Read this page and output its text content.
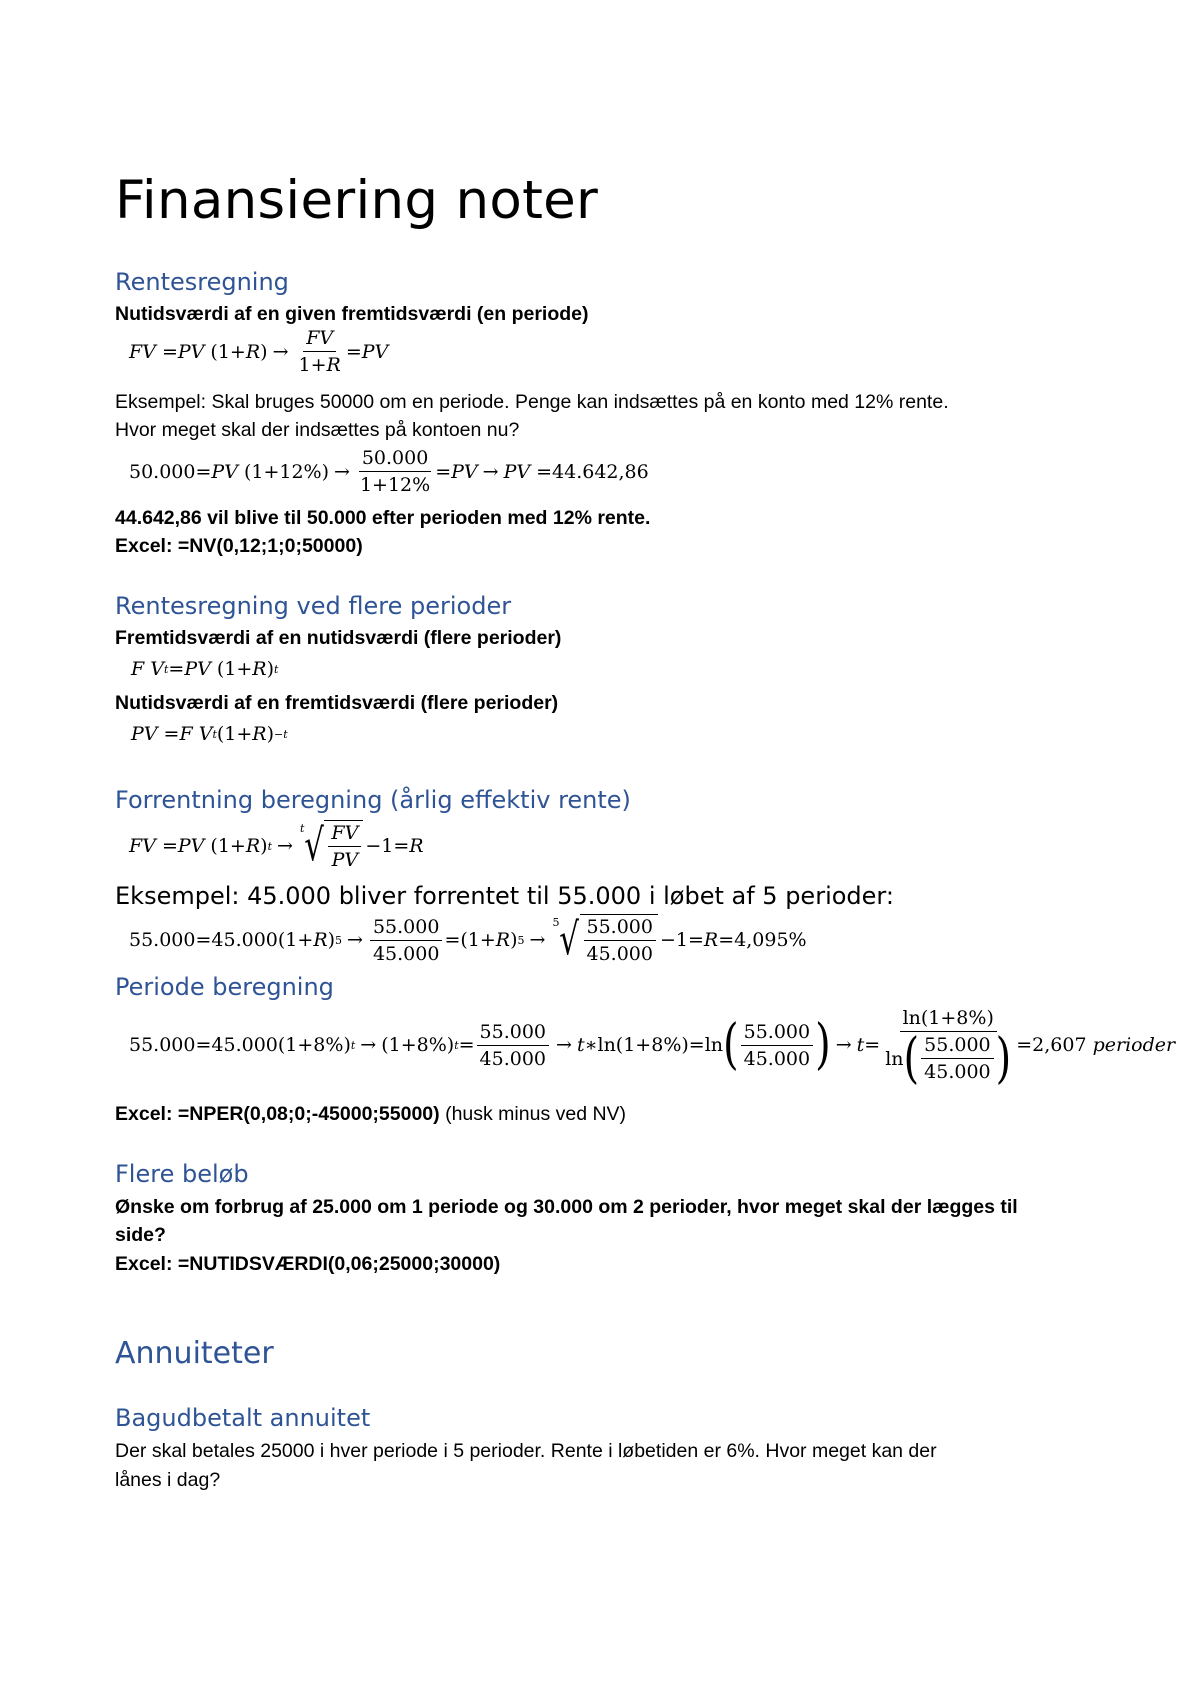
Finansiering noter
Rentesregning

Nutidsværdi af en given fremtidsværdi (en periode)

FV = PV (1+ R ) → $\frac{FV}{1+R}$ = PV

Eksempel: Skal bruges 50000 om en periode. Penge kan indsættes på en konto med 12% rente.

Hvor meget skal der indsættes på kontoen nu?

50.000= PV $(1+12\%) \to \frac{50.000}{1+12\%}$ = PV → PV =44.642,86

44.642,86 vil blive til 50.000 efter perioden med 12% rente.

Excel: =NV(0,12;1;0;50000)

Rentesregning ved flere perioder

Fremtidsværdi af en nutidsværdi (flere perioder)

F
V t = PV (1+ R ) t

Nutidsværdi af en fremtidsværdi (flere perioder)

PV = F
V t (1+ R ) −t
Forrentning beregning (årlig effektiv rente)
FV = PV (1+ R ) t →
t √ $\frac{FV}{PV} -1= R$

Eksempel: 45.000 bliver forrentet til 55.000 i løbet af 5 perioder:

55.000=45.000(1+ R ) $5 \to \frac{55.000}{45.000} =(1+ R$ ) 5 →
5 √ $\frac{55.000}{45.000} -1= R =4,095\%$
Periode beregning
55.000=45.000(1+8%) t → (1+8%) $t = \frac{55.000}{45.000} \to t$ ∗ln(1+8%)=ln ( $\frac{55.000}{45.000}$ ) → $t = \frac{\ln(1+8\%)}{\ln ( \frac{55.000}{45.000} )} =2,607$ perioder

Excel: =NPER(0,08;0;-45000;55000) (husk minus ved NV)

Flere beløb

Ønske om forbrug af 25.000 om 1 periode og 30.000 om 2 perioder, hvor meget skal der lægges til

side?

Excel: =NUTIDSVÆRDI(0,06;25000;30000)

Annuiteter
Bagudbetalt annuitet

Der skal betales 25000 i hver periode i 5 perioder. Rente i løbetiden er 6%. Hvor meget kan der

lånes i dag?
